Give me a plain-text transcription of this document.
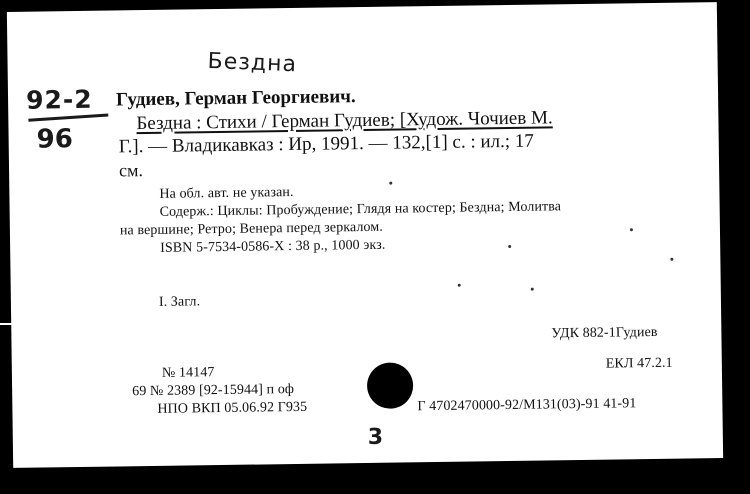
Бездна
92-2
96
Гудиев, Герман Георгиевич.
Бездна : Стихи / Герман Гудиев; [Худож. Чочиев М.
Г.]. — Владикавказ : Ир, 1991. — 132,[1] с. : ил.; 17
см.
На обл. авт. не указан.
Содерж.: Циклы: Пробуждение; Глядя на костер; Бездна; Молитва
на вершине; Ретро; Венера перед зеркалом.
ISBN 5-7534-0586-X : 38 р., 1000 экз.
I. Загл.
УДК 882-1Гудиев
ЕКЛ 47.2.1
№ 14147
69 № 2389 [92-15944] п оф
НПО ВКП 05.06.92 Г935	Г 4702470000-92/М131(03)-91 41-91
3
